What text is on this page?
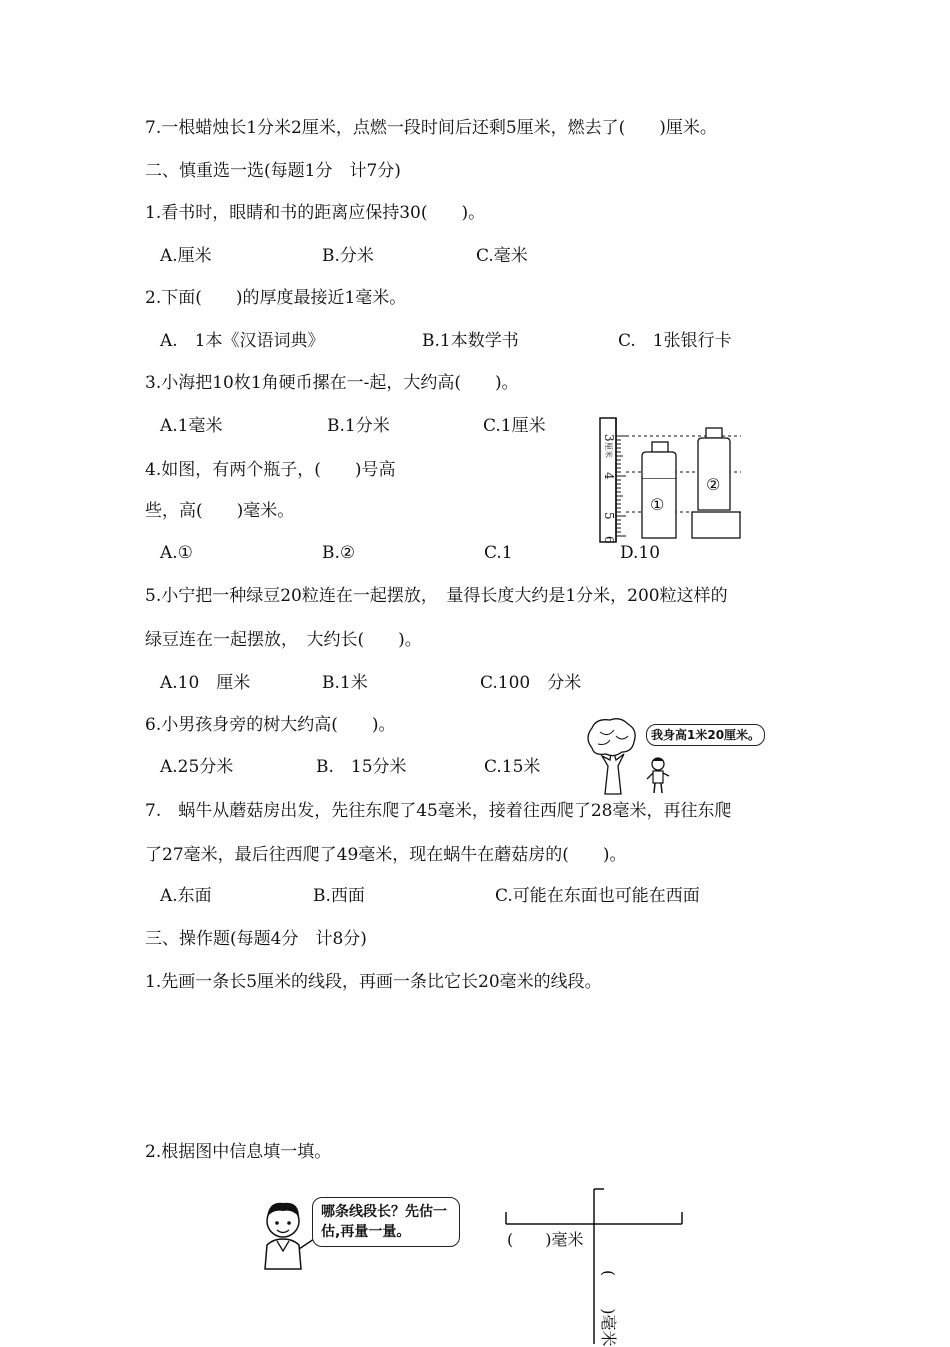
7.一根蜡烛长1分米2厘米，点燃一段时间后还剩5厘米，燃去了(　　)厘米。
二、慎重选一选(每题1分　计7分)
1.看书时，眼睛和书的距离应保持30(　　)。
A.厘米	B.分米	C.毫米
2.下面(　　)的厚度最接近1毫米。
A.　1本《汉语词典》	B.1本数学书	C.　1张银行卡
3.小海把10枚1角硬币摞在一-起，大约高(　　)。
A.1毫米	B.1分米	C.1厘米
4.如图，有两个瓶子，(　　)号高
些，高(　　)毫米。
A.①	B.②	C.1	D.10
3
厘米
4
5
6
①
②
5.小宁把一种绿豆20粒连在一起摆放，　量得长度大约是1分米，200粒这样的
绿豆连在一起摆放，　大约长(　　)。
A.10　厘米	B.1米	C.100　分米
6.小男孩身旁的树大约高(　　)。
A.25分米	B.　15分米	C.15米
我身高1米20厘米。
7.　蜗牛从蘑菇房出发，先往东爬了45毫米，接着往西爬了28毫米，再往东爬
了27毫米，最后往西爬了49毫米，现在蜗牛在蘑菇房的(　　)。
A.东面	B.西面	C.可能在东面也可能在西面
三、操作题(每题4分　计8分)
1.先画一条长5厘米的线段，再画一条比它长20毫米的线段。
2.根据图中信息填一填。
哪条线段长？先估一估,再量一量。	(　　)毫米
(　　)毫米
